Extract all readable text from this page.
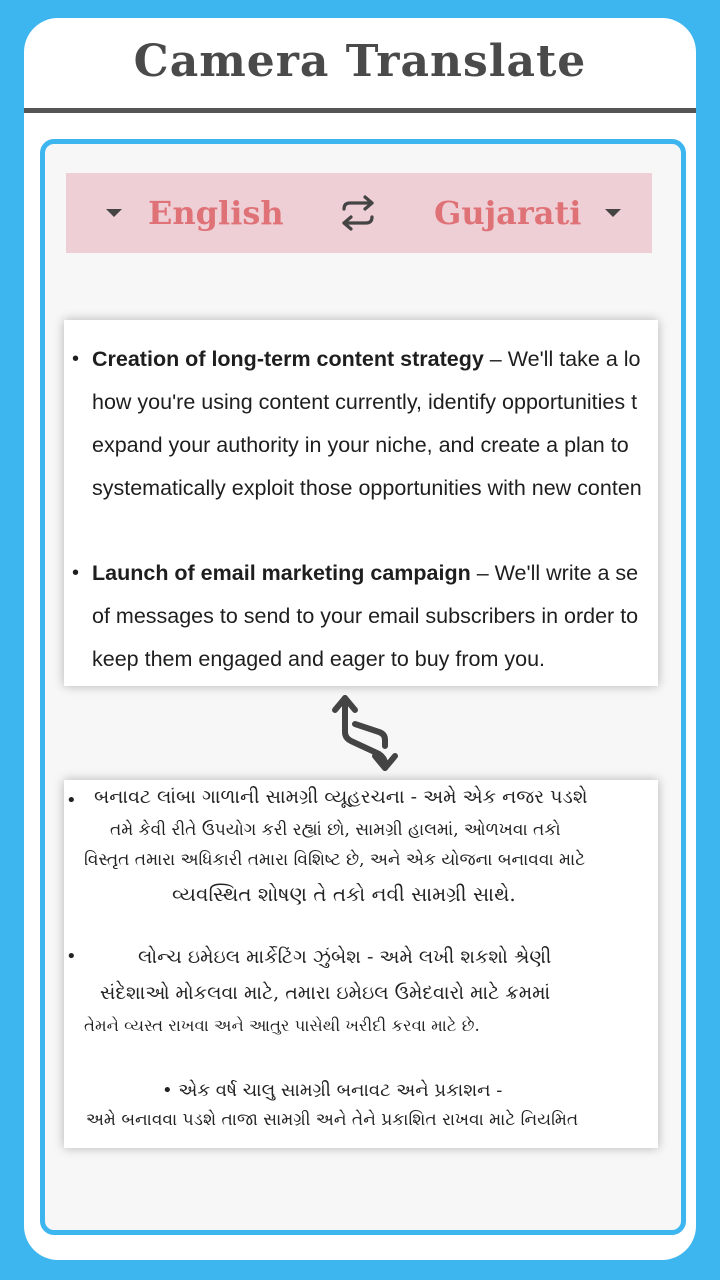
Camera Translate
English	Gujarati
• Creation of long-term content strategy – We'll take a lo
how you're using content currently, identify opportunities t
expand your authority in your niche, and create a plan to
systematically exploit those opportunities with new conten
• Launch of email marketing campaign – We'll write a se
of messages to send to your email subscribers in order to
keep them engaged and eager to buy from you.
• બનાવટ લાંબા ગાળાની સામગ્રી વ્યૂહરચના - અમે એક નજર પડશે
તમે કેવી રીતે ઉપયોગ કરી રહ્યાં છો, સામગ્રી હાલમાં, ઓળખવા તકો
વિસ્તૃત તમારા અધિકારી તમારા વિશિષ્ટ છે, અને એક યોજના બનાવવા માટે
વ્યવસ્થિત શોષણ તે તકો નવી સામગ્રી સાથે.
•	લોન્ચ ઇમેઇલ માર્કેટિંગ ઝુંબેશ - અમે લખી શકશો શ્રેણી
સંદેશાઓ મોકલવા માટે, તમારા ઇમેઇલ ઉમેદવારો માટે ક્રમમાં
તેમને વ્યસ્ત રાખવા અને આતુર પાસેથી ખરીદી કરવા માટે છે.
• એક વર્ષ ચાલુ સામગ્રી બનાવટ અને પ્રકાશન -
અમે બનાવવા પડશે તાજા સામગ્રી અને તેને પ્રકાશિત રાખવા માટે નિયમિત
